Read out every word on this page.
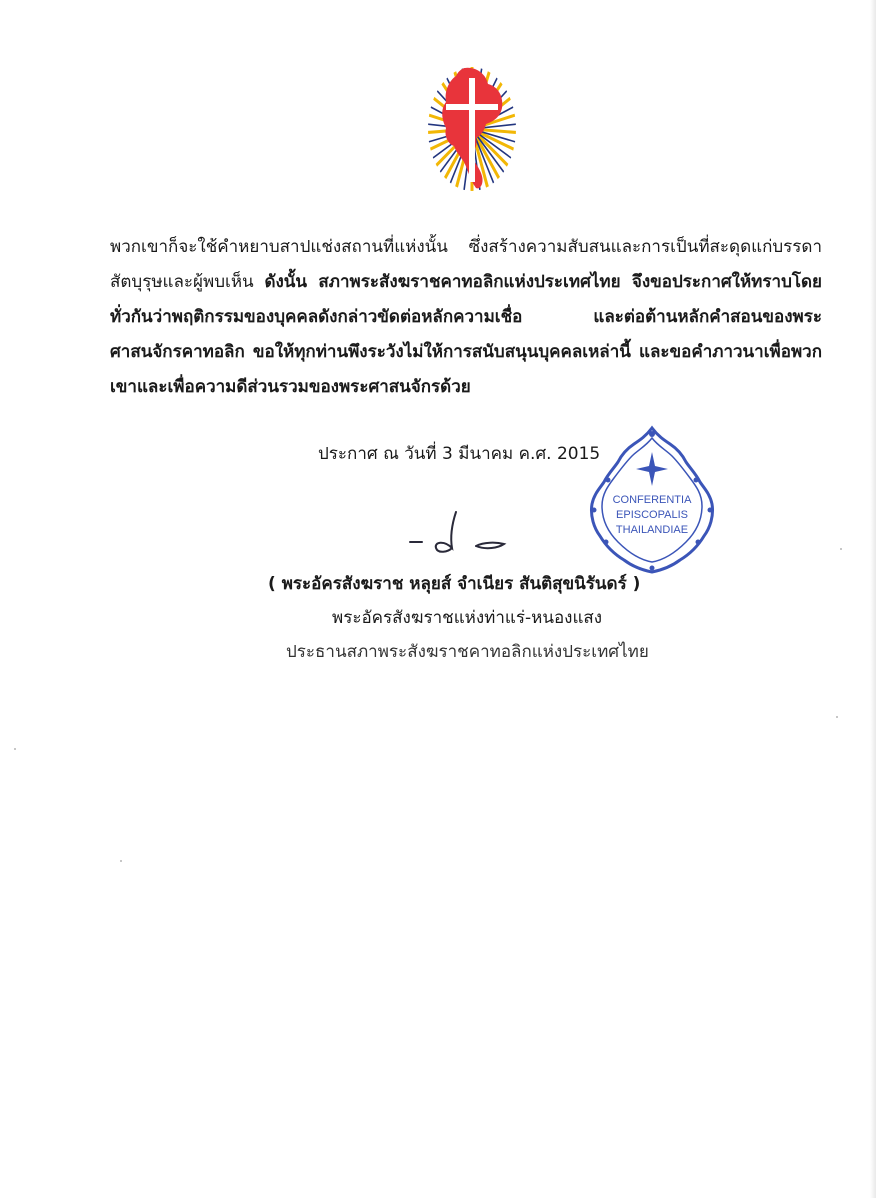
พวกเขาก็จะใช้คำหยาบสาปแช่งสถานที่แห่งนั้น ซึ่งสร้างความสับสนและการเป็นที่สะดุดแก่บรรดาสัตบุรุษและผู้พบเห็น ดังนั้น สภาพระสังฆราชคาทอลิกแห่งประเทศไทย จึงขอประกาศให้ทราบโดยทั่วกันว่าพฤติกรรมของบุคคลดังกล่าวขัดต่อหลักความเชื่อ และต่อต้านหลักคำสอนของพระศาสนจักรคาทอลิก ขอให้ทุกท่านพึงระวังไม่ให้การสนับสนุนบุคคลเหล่านี้ และขอคำภาวนาเพื่อพวกเขาและเพื่อความดีส่วนรวมของพระศาสนจักรด้วย
ประกาศ ณ วันที่ 3 มีนาคม ค.ศ. 2015
CONFERENTIA
EPISCOPALIS
THAILANDIAE
( พระอัครสังฆราช หลุยส์ จำเนียร สันติสุขนิรันดร์ )
พระอัครสังฆราชแห่งท่าแร่-หนองแสง
ประธานสภาพระสังฆราชคาทอลิกแห่งประเทศไทย
